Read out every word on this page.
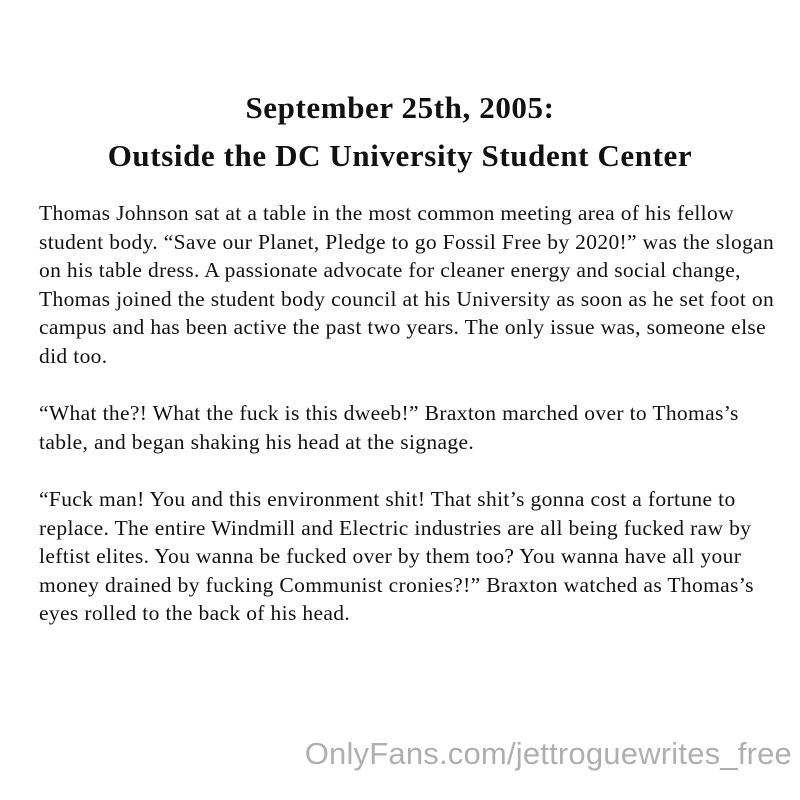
September 25th, 2005:
Outside the DC University Student Center

Thomas Johnson sat at a table in the most common meeting area of his fellow student body. “Save our Planet, Pledge to go Fossil Free by 2020!” was the slogan on his table dress. A passionate advocate for cleaner energy and social change, Thomas joined the student body council at his University as soon as he set foot on campus and has been active the past two years. The only issue was, someone else did too.

“What the?! What the fuck is this dweeb!” Braxton marched over to Thomas’s table, and began shaking his head at the signage.

“Fuck man! You and this environment shit! That shit’s gonna cost a fortune to replace. The entire Windmill and Electric industries are all being fucked raw by leftist elites. You wanna be fucked over by them too? You wanna have all your money drained by fucking Communist cronies?!” Braxton watched as Thomas’s eyes rolled to the back of his head.

OnlyFans.com/jettroguewrites_free
